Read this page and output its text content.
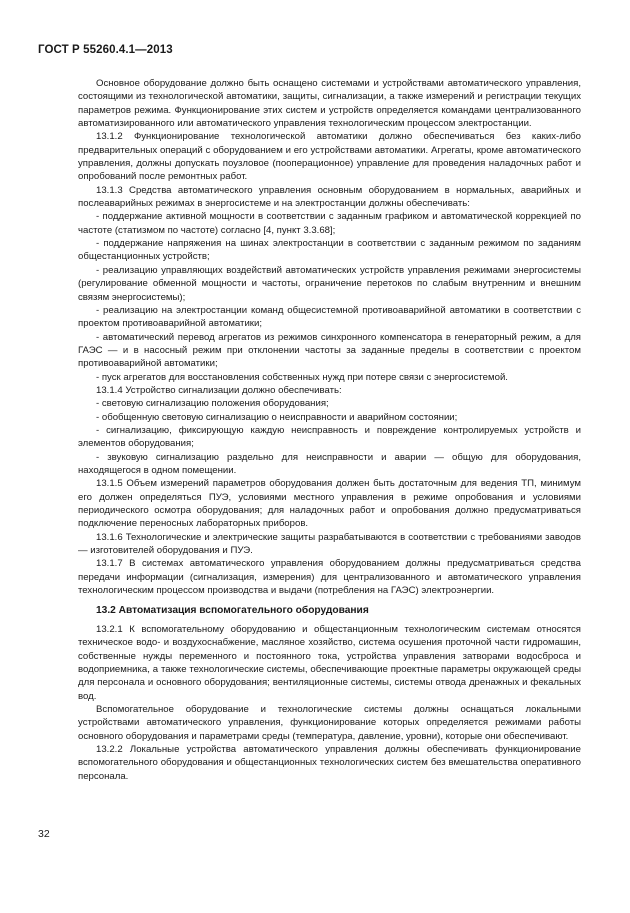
ГОСТ Р 55260.4.1—2013

Основное оборудование должно быть оснащено системами и устройствами автоматического управления, состоящими из технологической автоматики, защиты, сигнализации, а также измерений и регистрации текущих параметров режима. Функционирование этих систем и устройств определяется командами централизованного автоматизированного или автоматического управления технологическим процессом электростанции.

13.1.2 Функционирование технологической автоматики должно обеспечиваться без каких-либо предварительных операций с оборудованием и его устройствами автоматики. Агрегаты, кроме автоматического управления, должны допускать поузловое (пооперационное) управление для проведения наладочных работ и опробований после ремонтных работ.

13.1.3 Средства автоматического управления основным оборудованием в нормальных, аварийных и послеаварийных режимах в энергосистеме и на электростанции должны обеспечивать:

- поддержание активной мощности в соответствии с заданным графиком и автоматической коррекцией по частоте (статизмом по частоте) согласно [4, пункт 3.3.68];

- поддержание напряжения на шинах электростанции в соответствии с заданным режимом по заданиям общестанционных устройств;

- реализацию управляющих воздействий автоматических устройств управления режимами энергосистемы (регулирование обменной мощности и частоты, ограничение перетоков по слабым внутренним и внешним связям энергосистемы);

- реализацию на электростанции команд общесистемной противоаварийной автоматики в соответствии с проектом противоаварийной автоматики;

- автоматический перевод агрегатов из режимов синхронного компенсатора в генераторный режим, а для ГАЭС — и в насосный режим при отклонении частоты за заданные пределы в соответствии с проектом противоаварийной автоматики;

- пуск агрегатов для восстановления собственных нужд при потере связи с энергосистемой.

13.1.4 Устройство сигнализации должно обеспечивать:

- световую сигнализацию положения оборудования;

- обобщенную световую сигнализацию о неисправности и аварийном состоянии;

- сигнализацию, фиксирующую каждую неисправность и повреждение контролируемых устройств и элементов оборудования;

- звуковую сигнализацию раздельно для неисправности и аварии — общую для оборудования, находящегося в одном помещении.

13.1.5 Объем измерений параметров оборудования должен быть достаточным для ведения ТП, минимум его должен определяться ПУЭ, условиями местного управления в режиме опробования и условиями периодического осмотра оборудования; для наладочных работ и опробования должно предусматриваться подключение переносных лабораторных приборов.

13.1.6 Технологические и электрические защиты разрабатываются в соответствии с требованиями заводов — изготовителей оборудования и ПУЭ.

13.1.7 В системах автоматического управления оборудованием должны предусматриваться средства передачи информации (сигнализация, измерения) для централизованного и автоматического управления технологическим процессом производства и выдачи (потребления на ГАЭС) электроэнергии.

13.2 Автоматизация вспомогательного оборудования

13.2.1 К вспомогательному оборудованию и общестанционным технологическим системам относятся техническое водо- и воздухоснабжение, масляное хозяйство, система осушения проточной части гидромашин, собственные нужды переменного и постоянного тока, устройства управления затворами водосброса и водоприемника, а также технологические системы, обеспечивающие проектные параметры окружающей среды для персонала и основного оборудования; вентиляционные системы, системы отвода дренажных и фекальных вод.

Вспомогательное оборудование и технологические системы должны оснащаться локальными устройствами автоматического управления, функционирование которых определяется режимами работы основного оборудования и параметрами среды (температура, давление, уровни), которые они обеспечивают.

13.2.2 Локальные устройства автоматического управления должны обеспечивать функционирование вспомогательного оборудования и общестанционных технологических систем без вмешательства оперативного персонала.

32
